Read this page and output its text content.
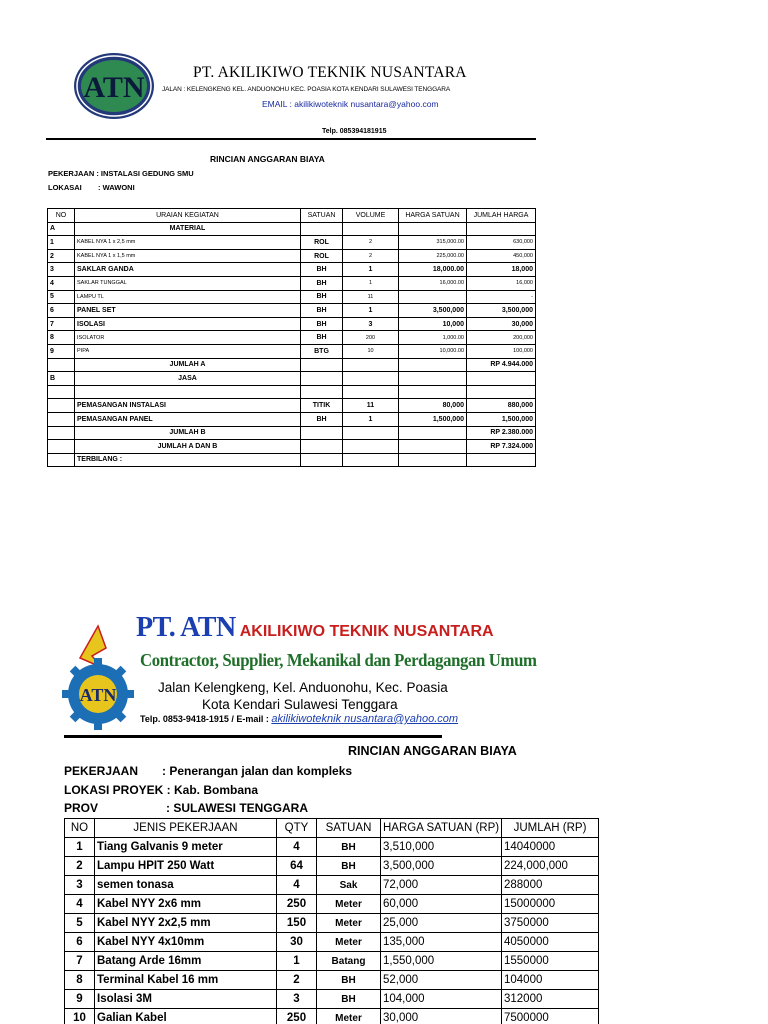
ATN	PT. AKILIKIWO TEKNIK NUSANTARA
JALAN : KELENGKENG KEL. ANDUONOHU KEC. POASIA KOTA KENDARI SULAWESI TENGGARA
EMAIL : akilikiwoteknik nusantara@yahoo.com
Telp. 085394181915
RINCIAN ANGGARAN BIAYA
PEKERJAAN : INSTALASI GEDUNG SMU
LOKASAI : WAWONI
NO	URAIAN KEGIATAN	SATUAN	VOLUME	HARGA SATUAN	JUMLAH HARGA
A	MATERIAL				
1	KABEL NYA 1 x 2,5 mm	ROL	2	315,000.00	630,000
2	KABEL NYA 1 x 1,5 mm	ROL	2	225,000.00	450,000
3	SAKLAR GANDA	BH	1	18,000.00	18,000
4	SAKLAR TUNGGAL	BH	1	16,000.00	16,000
5	LAMPU TL	BH	11		-
6	PANEL SET	BH	1	3,500,000	3,500,000
7	ISOLASI	BH	3	10,000	30,000
8	ISOLATOR	BH	200	1,000.00	200,000
9	PIPA	BTG	10	10,000.00	100,000
	JUMLAH A				RP 4.944.000
B	JASA				

	PEMASANGAN INSTALASI	TITIK	11	80,000	880,000
	PEMASANGAN PANEL	BH	1	1,500,000	1,500,000
	JUMLAH B				RP 2.380.000
	JUMLAH A DAN B				RP 7.324.000
	TERBILANG :				
ATN
PT. ATN AKILIKIWO TEKNIK NUSANTARA
Contractor, Supplier, Mekanikal dan Perdagangan Umum
Jalan Kelengkeng, Kel. Anduonohu, Kec. Poasia
Kota Kendari Sulawesi Tenggara
Telp. 0853-9418-1915 / E-mail : akilikiwoteknik nusantara@yahoo.com
RINCIAN ANGGARAN BIAYA
PEKERJAAN : Penerangan jalan dan kompleks
LOKASI PROYEK : Kab. Bombana
PROV	: SULAWESI TENGGARA
NO	JENIS PEKERJAAN	QTY	SATUAN	HARGA SATUAN (RP)	JUMLAH (RP)
1	Tiang Galvanis 9 meter	4	BH	3,510,000	14040000
2	Lampu HPIT 250 Watt	64	BH	3,500,000	224,000,000
3	semen tonasa	4	Sak	72,000	288000
4	Kabel NYY 2x6 mm	250	Meter	60,000	15000000
5	Kabel NYY 2x2,5 mm	150	Meter	25,000	3750000
6	Kabel NYY 4x10mm	30	Meter	135,000	4050000
7	Batang Arde 16mm	1	Batang	1,550,000	1550000
8	Terminal Kabel 16 mm	2	BH	52,000	104000
9	Isolasi 3M	3	BH	104,000	312000
10	Galian Kabel	250	Meter	30,000	7500000
